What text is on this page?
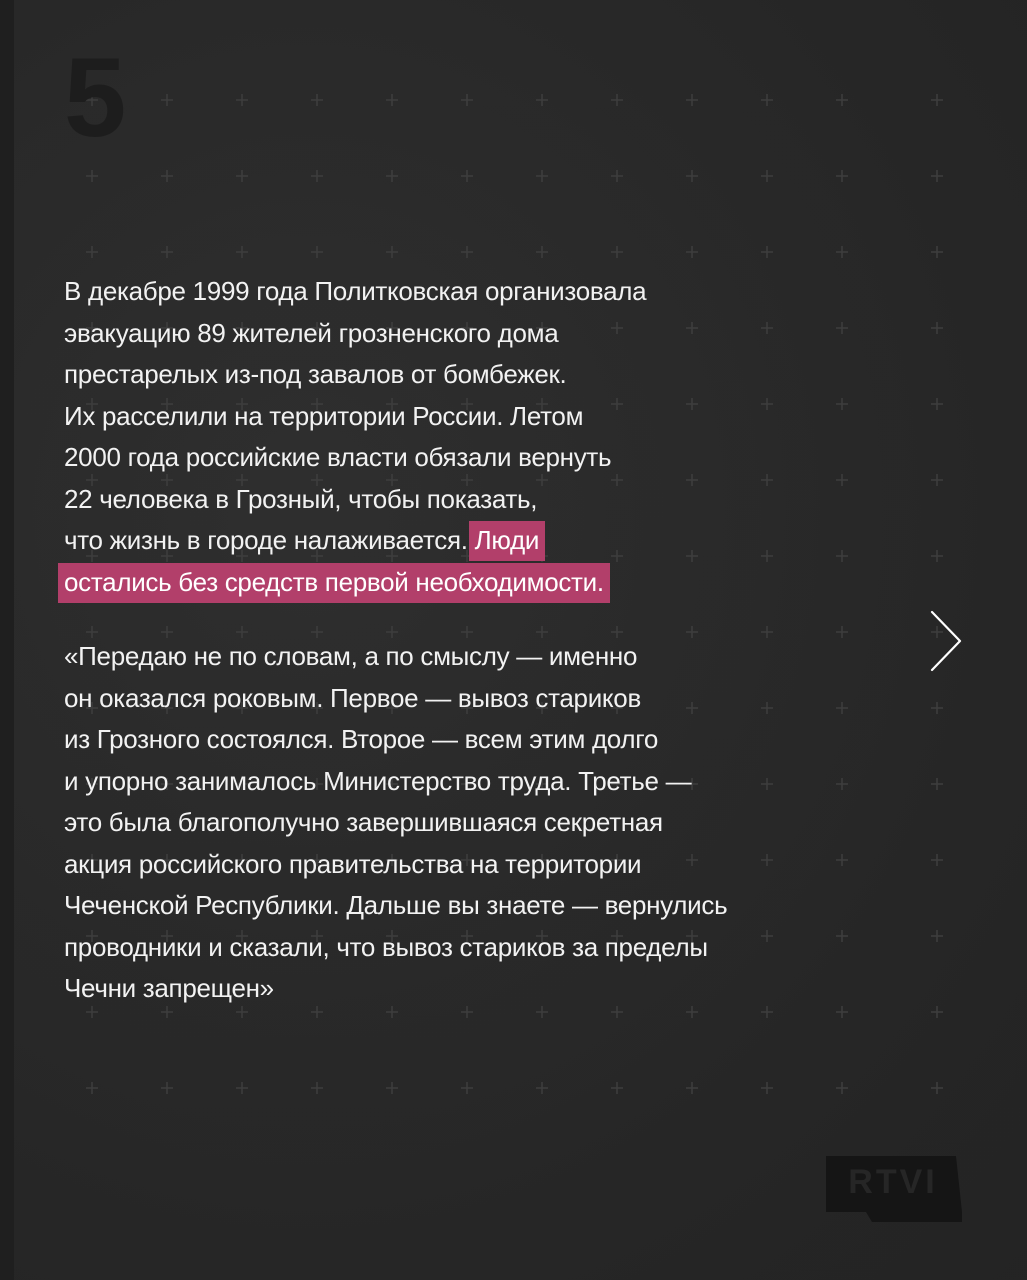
5
В декабре 1999 года Политковская организовала
эвакуацию 89 жителей грозненского дома
престарелых из-под завалов от бомбежек.
Их расселили на территории России. Летом
2000 года российские власти обязали вернуть
22 человека в Грозный, чтобы показать,
что жизнь в городе налаживается. Люди
остались без средств первой необходимости.
«Передаю не по словам, а по смыслу — именно
он оказался роковым. Первое — вывоз стариков
из Грозного состоялся. Второе — всем этим долго
и упорно занималось Министерство труда. Третье —
это была благополучно завершившаяся секретная
акция российского правительства на территории
Чеченской Республики. Дальше вы знаете — вернулись
проводники и сказали, что вывоз стариков за пределы
Чечни запрещен»
RTVI
